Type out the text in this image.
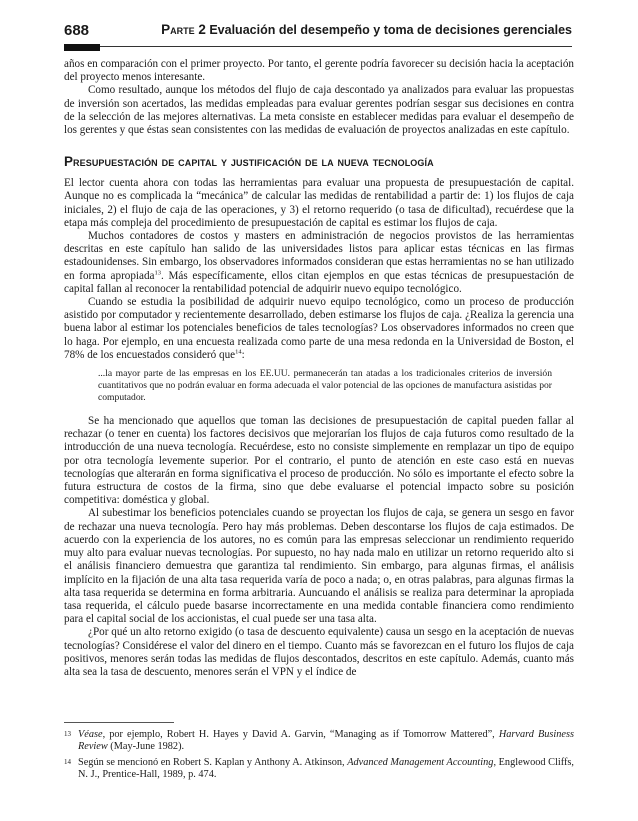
688	Parte 2 Evaluación del desempeño y toma de decisiones gerenciales

años en comparación con el primer proyecto. Por tanto, el gerente podría favorecer su decisión hacia la aceptación del proyecto menos interesante.

Como resultado, aunque los métodos del flujo de caja descontado ya analizados para evaluar las propuestas de inversión son acertados, las medidas empleadas para evaluar gerentes podrían sesgar sus decisiones en contra de la selección de las mejores alternativas. La meta consiste en establecer medidas para evaluar el desempeño de los gerentes y que éstas sean consistentes con las medidas de evaluación de proyectos analizadas en este capítulo.

Presupuestación de capital y justificación de la nueva tecnología

El lector cuenta ahora con todas las herramientas para evaluar una propuesta de presupuestación de capital. Aunque no es complicada la “mecánica” de calcular las medidas de rentabilidad a partir de: 1) los flujos de caja iniciales, 2) el flujo de caja de las operaciones, y 3) el retorno requerido (o tasa de dificultad), recuérdese que la etapa más compleja del procedimiento de presupuestación de capital es estimar los flujos de caja.

Muchos contadores de costos y masters en administración de negocios provistos de las herramientas descritas en este capítulo han salido de las universidades listos para aplicar estas técnicas en las firmas estadounidenses. Sin embargo, los observadores informados consideran que estas herramientas no se han utilizado en forma apropiada$^{13}$. Más específicamente, ellos citan ejemplos en que estas técnicas de presupuestación de capital fallan al reconocer la rentabilidad potencial de adquirir nuevo equipo tecnológico.

Cuando se estudia la posibilidad de adquirir nuevo equipo tecnológico, como un proceso de producción asistido por computador y recientemente desarrollado, deben estimarse los flujos de caja. ¿Realiza la gerencia una buena labor al estimar los potenciales beneficios de tales tecnologías? Los observadores informados no creen que lo haga. Por ejemplo, en una encuesta realizada como parte de una mesa redonda en la Universidad de Boston, el 78% de los encuestados consideró que$^{14}$:

...la mayor parte de las empresas en los EE.UU. permanecerán tan atadas a los tradicionales criterios de inversión cuantitativos que no podrán evaluar en forma adecuada el valor potencial de las opciones de manufactura asistidas por computador.

Se ha mencionado que aquellos que toman las decisiones de presupuestación de capital pueden fallar al rechazar (o tener en cuenta) los factores decisivos que mejorarían los flujos de caja futuros como resultado de la introducción de una nueva tecnología. Recuérdese, esto no consiste simplemente en remplazar un tipo de equipo por otra tecnología levemente superior. Por el contrario, el punto de atención en este caso está en nuevas tecnologías que alterarán en forma significativa el proceso de producción. No sólo es importante el efecto sobre la futura estructura de costos de la firma, sino que debe evaluarse el potencial impacto sobre su posición competitiva: doméstica y global.

Al subestimar los beneficios potenciales cuando se proyectan los flujos de caja, se genera un sesgo en favor de rechazar una nueva tecnología. Pero hay más problemas. Deben descontarse los flujos de caja estimados. De acuerdo con la experiencia de los autores, no es común para las empresas seleccionar un rendimiento requerido muy alto para evaluar nuevas tecnologías. Por supuesto, no hay nada malo en utilizar un retorno requerido alto si el análisis financiero demuestra que garantiza tal rendimiento. Sin embargo, para algunas firmas, el análisis implícito en la fijación de una alta tasa requerida varía de poco a nada; o, en otras palabras, para algunas firmas la alta tasa requerida se determina en forma arbitraria. Auncuando el análisis se realiza para determinar la apropiada tasa requerida, el cálculo puede basarse incorrectamente en una medida contable financiera como rendimiento para el capital social de los accionistas, el cual puede ser una tasa alta.

¿Por qué un alto retorno exigido (o tasa de descuento equivalente) causa un sesgo en la aceptación de nuevas tecnologías? Considérese el valor del dinero en el tiempo. Cuanto más se favorezcan en el futuro los flujos de caja positivos, menores serán todas las medidas de flujos descontados, descritos en este capítulo. Además, cuanto más alta sea la tasa de descuento, menores serán el VPN y el índice de

13 Véase, por ejemplo, Robert H. Hayes y David A. Garvin, “Managing as if Tomorrow Mattered”, Harvard Business Review (May-June 1982).
14 Según se mencionó en Robert S. Kaplan y Anthony A. Atkinson, Advanced Management Accounting, Englewood Cliffs, N. J., Prentice-Hall, 1989, p. 474.
